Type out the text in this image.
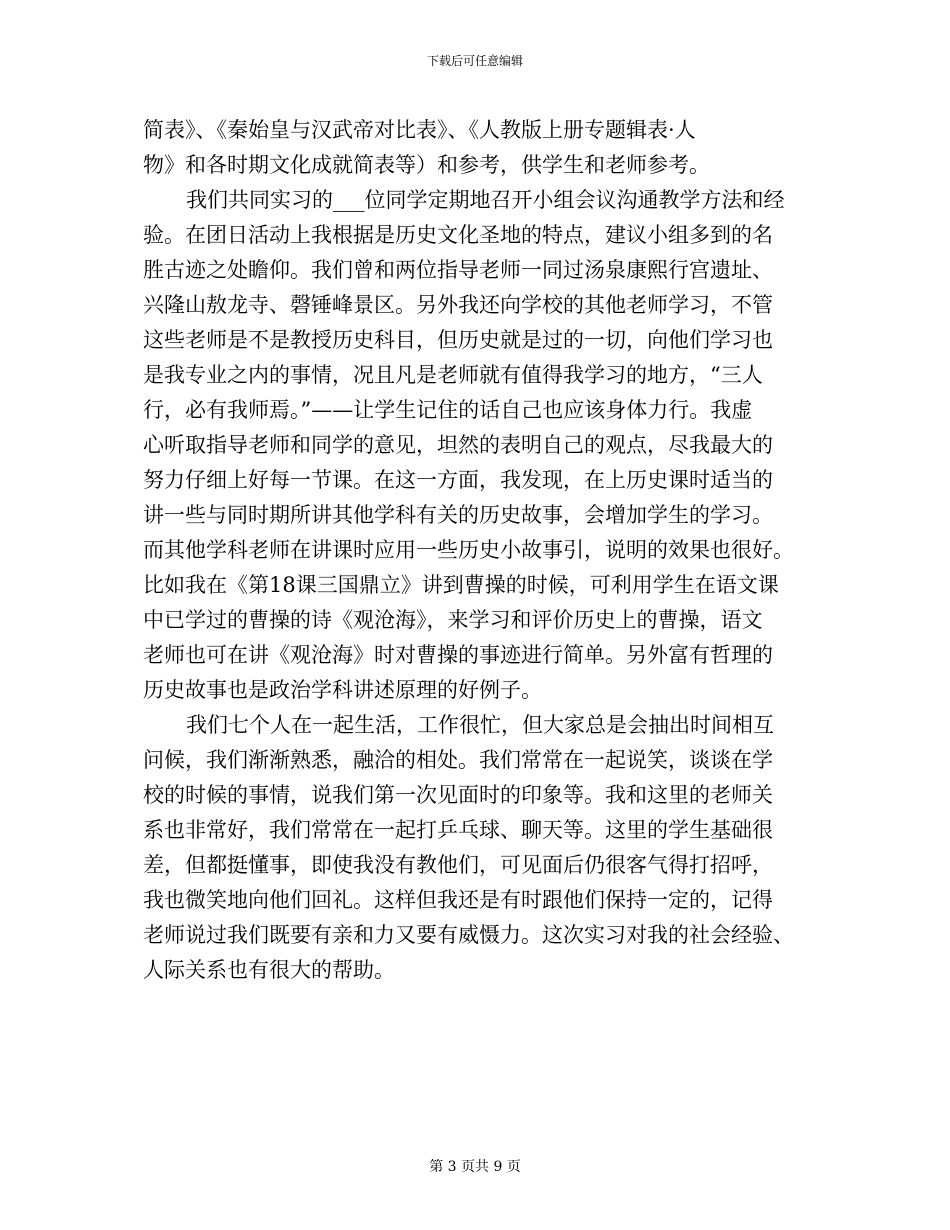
下载后可任意编辑

简表》、《秦始皇与汉武帝对比表》、《人教版上册专题辑表·人
物》和各时期文化成就简表等）和参考，供学生和老师参考。

我们共同实习的___位同学定期地召开小组会议沟通教学方法和经
验。在团日活动上我根据是历史文化圣地的特点，建议小组多到的名
胜古迹之处瞻仰。我们曾和两位指导老师一同过汤泉康熙行宫遗址、
兴隆山敖龙寺、磬锤峰景区。另外我还向学校的其他老师学习，不管
这些老师是不是教授历史科目，但历史就是过的一切，向他们学习也
是我专业之内的事情，况且凡是老师就有值得我学习的地方，“三人
行，必有我师焉。”——让学生记住的话自己也应该身体力行。我虚
心听取指导老师和同学的意见，坦然的表明自己的观点，尽我最大的
努力仔细上好每一节课。在这一方面，我发现，在上历史课时适当的
讲一些与同时期所讲其他学科有关的历史故事，会增加学生的学习。
而其他学科老师在讲课时应用一些历史小故事引，说明的效果也很好。
比如我在《第18课三国鼎立》讲到曹操的时候，可利用学生在语文课
中已学过的曹操的诗《观沧海》，来学习和评价历史上的曹操，语文
老师也可在讲《观沧海》时对曹操的事迹进行简单。另外富有哲理的
历史故事也是政治学科讲述原理的好例子。

我们七个人在一起生活，工作很忙，但大家总是会抽出时间相互
问候，我们渐渐熟悉，融洽的相处。我们常常在一起说笑，谈谈在学
校的时候的事情，说我们第一次见面时的印象等。我和这里的老师关
系也非常好，我们常常在一起打乒乓球、聊天等。这里的学生基础很
差，但都挺懂事，即使我没有教他们，可见面后仍很客气得打招呼，
我也微笑地向他们回礼。这样但我还是有时跟他们保持一定的，记得
老师说过我们既要有亲和力又要有威慑力。这次实习对我的社会经验、
人际关系也有很大的帮助。

第 3 页共 9 页
